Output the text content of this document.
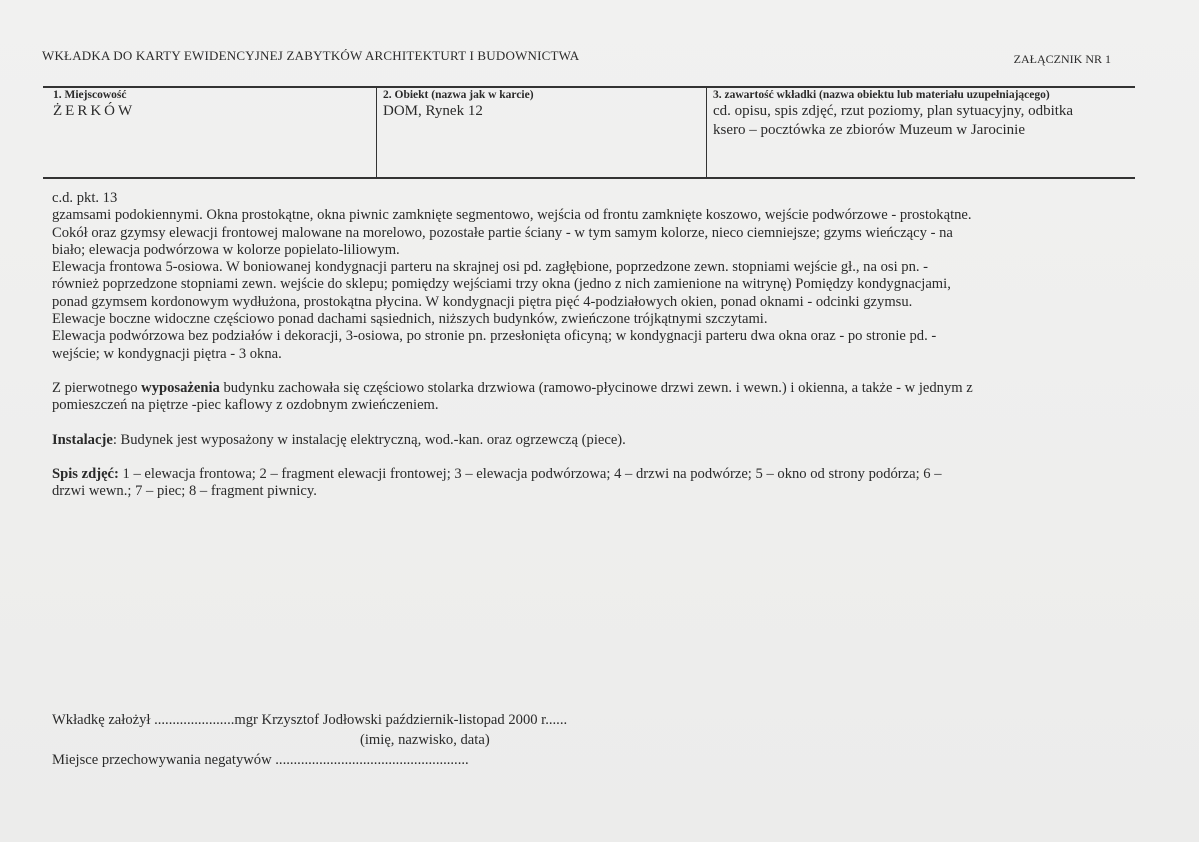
WKŁADKA DO KARTY EWIDENCYJNEJ ZABYTKÓW ARCHITEKTURT I BUDOWNICTWA	ZAŁĄCZNIK NR 1
1. Miejscowość
ŻERKÓW
2. Obiekt (nazwa jak w karcie)
DOM, Rynek 12
3. zawartość wkładki (nazwa obiektu lub materiału uzupełniającego)
cd. opisu, spis zdjęć, rzut poziomy, plan sytuacyjny, odbitka
ksero – pocztówka ze zbiorów Muzeum w Jarocinie

c.d. pkt. 13

gzamsami podokiennymi. Okna prostokątne, okna piwnic zamknięte segmentowo, wejścia od frontu zamknięte koszowo, wejście podwórzowe - prostokątne.

Cokół oraz gzymsy elewacji frontowej malowane na morelowo, pozostałe partie ściany - w tym samym kolorze, nieco ciemniejsze; gzyms wieńczący - na

biało; elewacja podwórzowa w kolorze popielato-liliowym.

Elewacja frontowa 5-osiowa. W boniowanej kondygnacji parteru na skrajnej osi pd. zagłębione, poprzedzone zewn. stopniami wejście gł., na osi pn. -

również poprzedzone stopniami zewn. wejście do sklepu; pomiędzy wejściami trzy okna (jedno z nich zamienione na witrynę) Pomiędzy kondygnacjami,

ponad gzymsem kordonowym wydłużona, prostokątna płycina. W kondygnacji piętra pięć 4-podziałowych okien, ponad oknami - odcinki gzymsu.

Elewacje boczne widoczne częściowo ponad dachami sąsiednich, niższych budynków, zwieńczone trójkątnymi szczytami.

Elewacja podwórzowa bez podziałów i dekoracji, 3-osiowa, po stronie pn. przesłonięta oficyną; w kondygnacji parteru dwa okna oraz - po stronie pd. -

wejście; w kondygnacji piętra - 3 okna.

Z pierwotnego wyposażenia budynku zachowała się częściowo stolarka drzwiowa (ramowo-płycinowe drzwi zewn. i wewn.) i okienna, a także - w jednym z

pomieszczeń na piętrze -piec kaflowy z ozdobnym zwieńczeniem.

Instalacje: Budynek jest wyposażony w instalację elektryczną, wod.-kan. oraz ogrzewczą (piece).

Spis zdjęć: 1 – elewacja frontowa; 2 – fragment elewacji frontowej; 3 – elewacja podwórzowa; 4 – drzwi na podwórze; 5 – okno od strony podórza; 6 –

drzwi wewn.; 7 – piec; 8 – fragment piwnicy.

Wkładkę założył ......................mgr Krzysztof Jodłowski październik-listopad 2000 r......
(imię, nazwisko, data)
Miejsce przechowywania negatywów .....................................................
